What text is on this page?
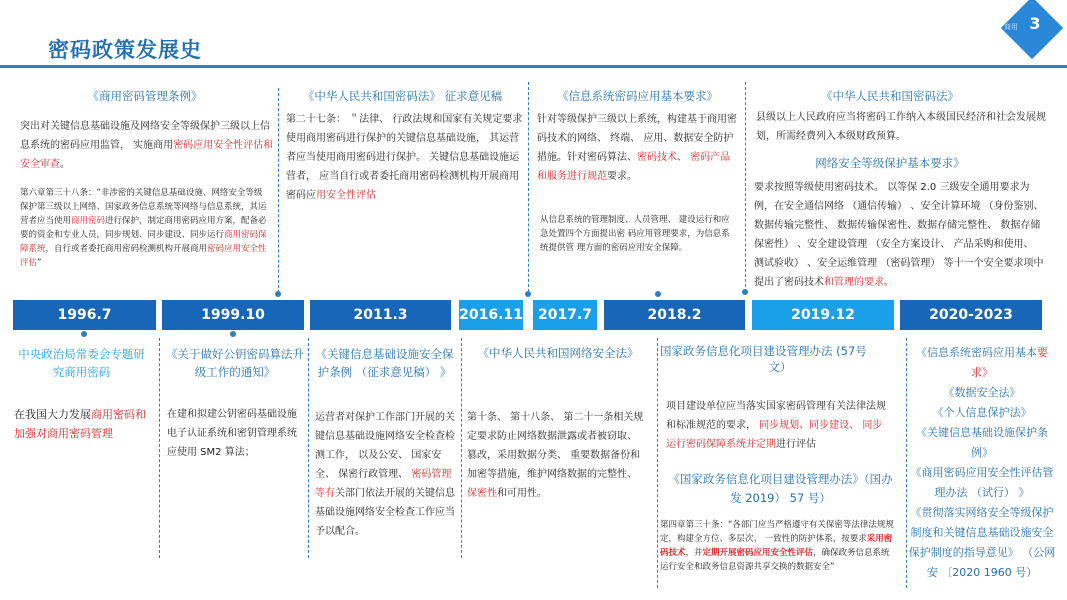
密码政策发展史
商用 3
《商用密码管理条例》
突出对关键信息基础设施及网络安全等级保护三级以上信息系统的密码应用监管， 实施商用密码应用安全性评估和安全审查。
第六章第三十八条：“非涉密的关键信息基础设施、网络安全等级保护第三级以上网络、国家政务信息系统等网络与信息系统，其运营者应当使用商用密码进行保护，制定商用密码应用方案，配备必要的资金和专业人员，同步规划、同步建设、同步运行商用密码保障系统，自行或者委托商用密码检测机构开展商用密码应用安全性评估”
《中华人民共和国密码法》 征求意见稿
第二十七条： ＂法律、 行政法规和国家有关规定要求使用商用密码进行保护的关键信息基础设施， 其运营者应当使用商用密码进行保护。 关键信息基础设施运营者， 应当自行或者委托商用密码检测机构开展商用密码应用安全性评估
《信息系统密码应用基本要求》
针对等级保护三级以上系统，构建基于商用密码技术的网络、 终端、 应用、数据安全防护措施。针对密码算法、密码技术、 密码产品和服务进行规范要求。
从信息系统的管理制度、人员管理、 建设运行和应急处置四个方面提出密 码应用管理要求，为信息系统提供管 理方面的密码应用安全保障。
《中华人民共和国密码法》
县级以上人民政府应当将密码工作纳入本级国民经济和社会发展规划，所需经费列入本级财政预算。
网络安全等级保护基本要求》
要求按照等级使用密码技术。 以等保 2.0 三级安全通用要求为例，在安全通信网络 （通信传输） 、安全计算环境 （身份鉴别、数据传输完整性、 数据传输保密性、数据存储完整性、 数据存储保密性） 、安全建设管理 （安全方案设计、 产品采购和使用、 测试验收） 、安全运维管理 （密码管理） 等十一个安全要求项中提出了密码技术和管理的要求。
1996.7	1999.10	2011.3	2016.11	2017.7	2018.2	2019.12	2020-2023
中央政治局常委会专题研究商用密码
在我国大力发展商用密码和加强对商用密码管理
《关于做好公钥密码算法升级工作的通知》
在建和拟建公钥密码基础设施电子认证系统和密钥管理系统应使用 SM2 算法；
《关键信息基础设施安全保护条例 （征求意见稿） 》
运营者对保护工作部门开展的关键信息基础设施网络安全检查检测工作， 以及公安、 国家安全、 保密行政管理、 密码管理等有关部门依法开展的关键信息基础设施网络安全检查工作应当予以配合。
《中华人民共和国网络安全法》
第十条、 第十八条、 第二十一条相关规定要求防止网络数据泄露或者被窃取、 篡改，采用数据分类、 重要数据备份和加密等措施，维护网络数据的完整性、 保密性和可用性。
国家政务信息化项目建设管理办法 (57号

文）
项目建设单位应当落实国家密码管理有关法律法规和标准规范的要求， 同步规划、同步建设、 同步运行密码保障系统并定期进行评估
《国家政务信息化项目建设管理办法》（国办发 2019） 57 号）
第四章第三十条：“各部门应当严格遵守有关保密等法律法规规定，构建全方位、多层次、 一致性的防护体系，按要求采用密码技术，并定期开展密码应用安全性评估，确保政务信息系统运行安全和政务信息资源共享交换的数据安全”
《信息系统密码应用基本要求》
《数据安全法》
《个人信息保护法》
《关键信息基础设施保护条例》
《商用密码应用安全性评估管理办法 （试行） 》
《贯彻落实网络安全等级保护制度和关键信息基础设施安全保护制度的指导意见》 （公网安 〔2020 1960 号）
